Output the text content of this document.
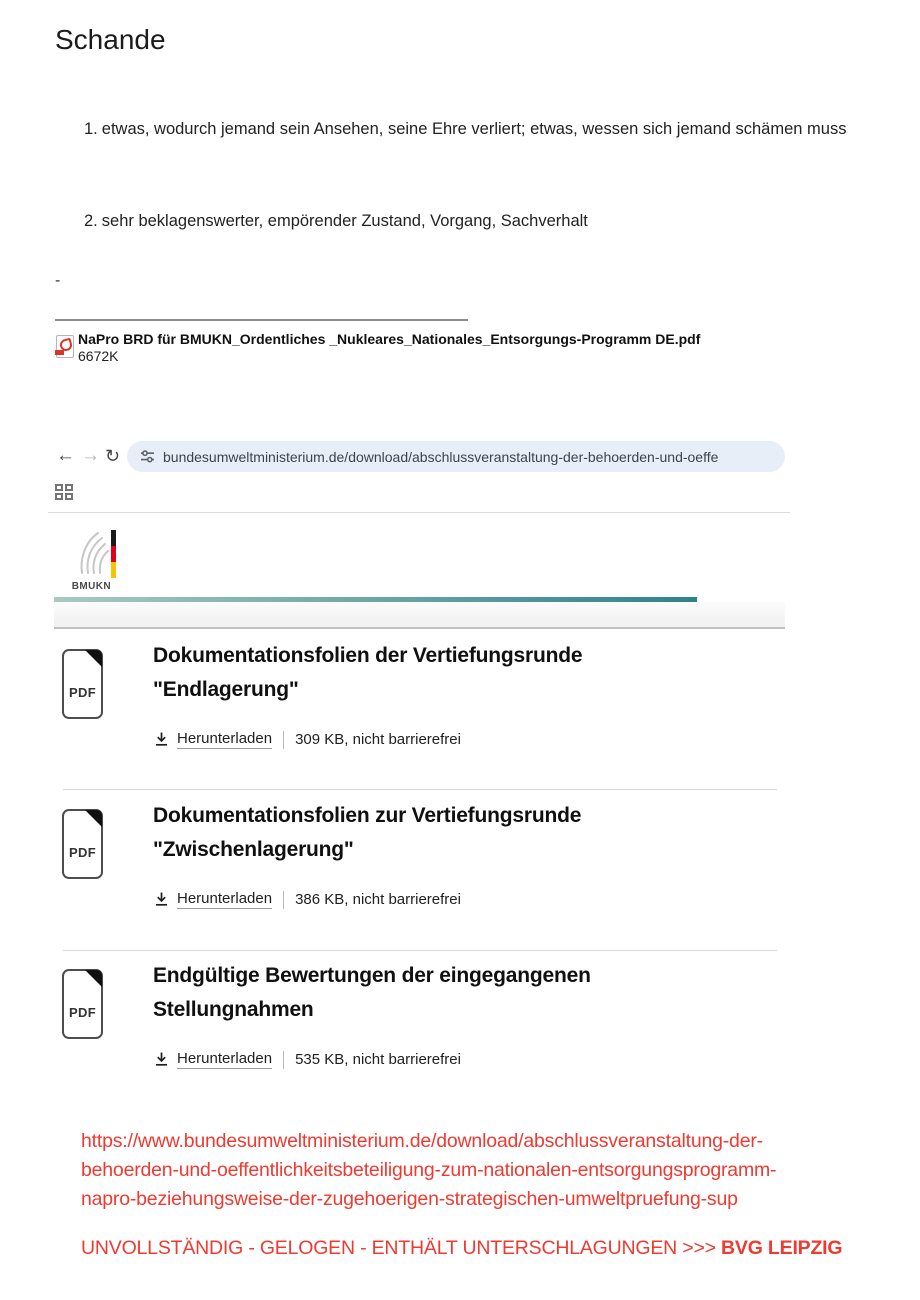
Schande
1. etwas, wodurch jemand sein Ansehen, seine Ehre verliert; etwas, wessen sich jemand schämen muss
2. sehr beklagenswerter, empörender Zustand, Vorgang, Sachverhalt
-
NaPro BRD für BMUKN_Ordentliches _Nukleares_Nationales_Entsorgungs-Programm DE.pdf
6672K
← → ↻	bundesumweltministerium.de/download/abschlussveranstaltung-der-behoerden-und-oeffe
BMUKN
PDF
Dokumentationsfolien der Vertiefungsrunde "Endlagerung"
Herunterladen 309 KB, nicht barrierefrei
PDF
Dokumentationsfolien zur Vertiefungsrunde "Zwischenlagerung"
Herunterladen 386 KB, nicht barrierefrei
PDF
Endgültige Bewertungen der eingegangenen Stellungnahmen
Herunterladen 535 KB, nicht barrierefrei
https://www.bundesumweltministerium.de/download/abschlussveranstaltung-der-
behoerden-und-oeffentlichkeitsbeteiligung-zum-nationalen-entsorgungsprogramm-
napro-beziehungsweise-der-zugehoerigen-strategischen-umweltpruefung-sup
UNVOLLSTÄNDIG - GELOGEN - ENTHÄLT UNTERSCHLAGUNGEN >>> BVG LEIPZIG
